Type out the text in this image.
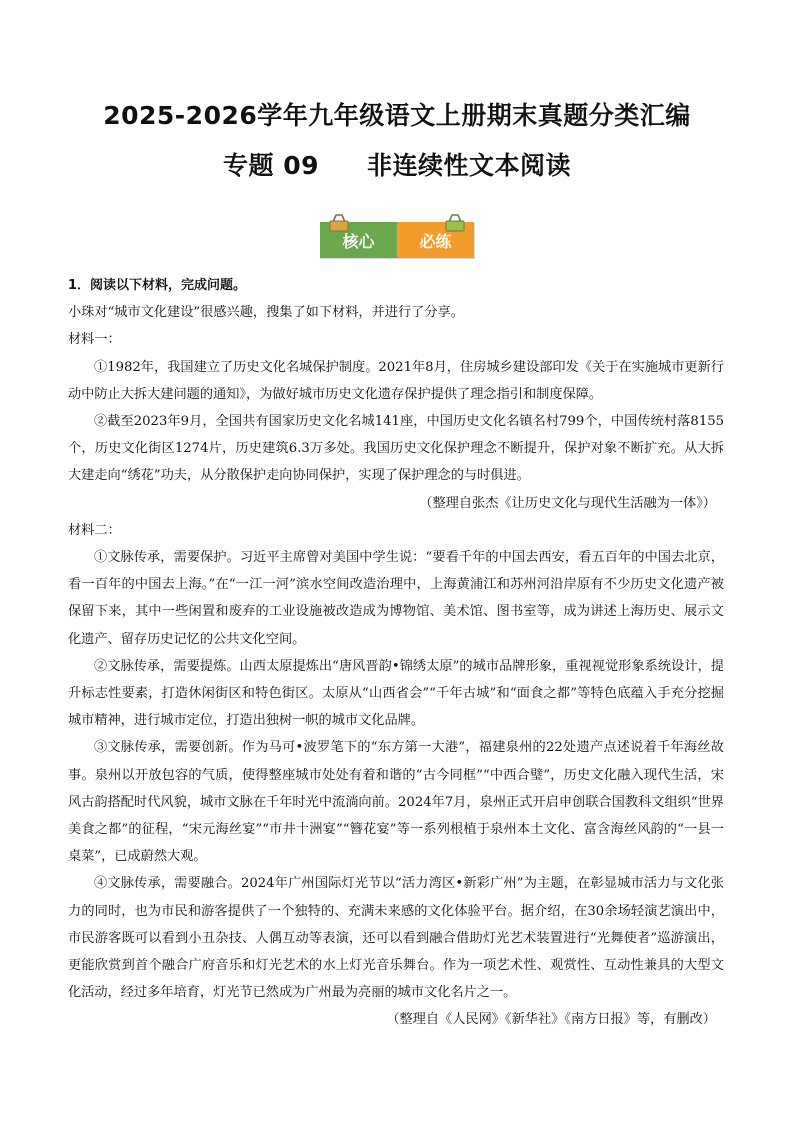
2025-2026学年九年级语文上册期末真题分类汇编
专题 09 非连续性文本阅读
核心	必练

1．阅读以下材料，完成问题。

小珠对“城市文化建设”很感兴趣，搜集了如下材料，并进行了分享。

材料一：

①1982年，我国建立了历史文化名城保护制度。2021年8月，住房城乡建设部印发《关于在实施城市更新行动中防止大拆大建问题的通知》，为做好城市历史文化遗存保护提供了理念指引和制度保障。

②截至2023年9月，全国共有国家历史文化名城141座，中国历史文化名镇名村799个，中国传统村落8155个，历史文化街区1274片，历史建筑6.3万多处。我国历史文化保护理念不断提升，保护对象不断扩充。从大拆大建走向“绣花”功夫，从分散保护走向协同保护，实现了保护理念的与时俱进。

（整理自张杰《让历史文化与现代生活融为一体》）

材料二：

①文脉传承，需要保护。习近平主席曾对美国中学生说：“要看千年的中国去西安，看五百年的中国去北京，看一百年的中国去上海。”在“一江一河”滨水空间改造治理中，上海黄浦江和苏州河沿岸原有不少历史文化遗产被保留下来，其中一些闲置和废弃的工业设施被改造成为博物馆、美术馆、图书室等，成为讲述上海历史、展示文化遗产、留存历史记忆的公共文化空间。

②文脉传承，需要提炼。山西太原提炼出“唐风晋韵•锦绣太原”的城市品牌形象，重视视觉形象系统设计，提升标志性要素，打造休闲街区和特色街区。太原从“山西省会”“千年古城”和“面食之都”等特色底蕴入手充分挖掘城市精神，进行城市定位，打造出独树一帜的城市文化品牌。

③文脉传承，需要创新。作为马可•波罗笔下的“东方第一大港”，福建泉州的22处遗产点述说着千年海丝故事。泉州以开放包容的气质，使得整座城市处处有着和谐的“古今同框”“中西合璧”，历史文化融入现代生活，宋风古韵搭配时代风貌，城市文脉在千年时光中流淌向前。2024年7月，泉州正式开启申创联合国教科文组织“世界美食之都”的征程，“宋元海丝宴”“市井十洲宴”“簪花宴”等一系列根植于泉州本土文化、富含海丝风韵的“一县一桌菜”，已成蔚然大观。

④文脉传承，需要融合。2024年广州国际灯光节以“活力湾区•新彩广州”为主题，在彰显城市活力与文化张力的同时，也为市民和游客提供了一个独特的、充满未来感的文化体验平台。据介绍，在30余场轻演艺演出中，市民游客既可以看到小丑杂技、人偶互动等表演，还可以看到融合借助灯光艺术装置进行“光舞使者”巡游演出，更能欣赏到首个融合广府音乐和灯光艺术的水上灯光音乐舞台。作为一项艺术性、观赏性、互动性兼具的大型文化活动，经过多年培育，灯光节已然成为广州最为亮丽的城市文化名片之一。

（整理自《人民网》《新华社》《南方日报》等，有删改）
